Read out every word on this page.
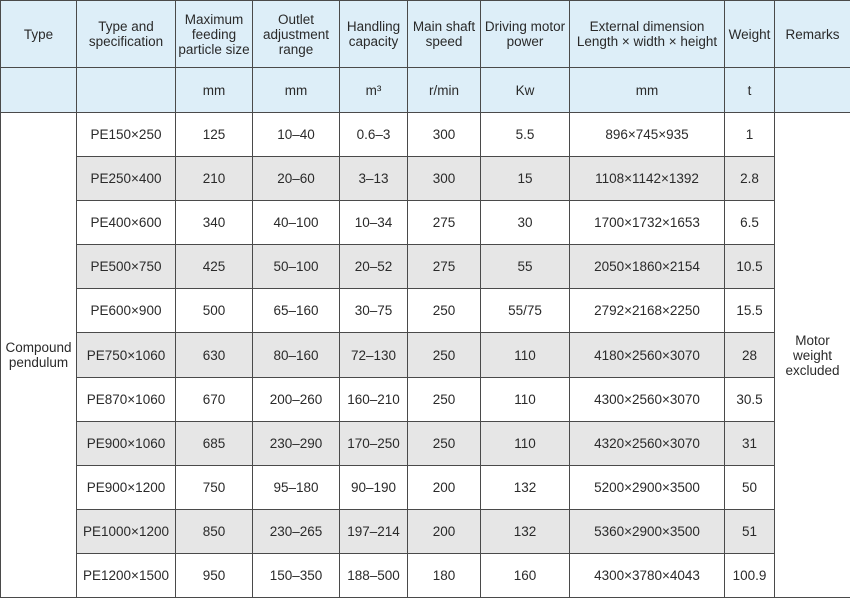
Type	Type and specification	Maximum feeding particle size	Outlet adjustment range	Handling capacity	Main shaft speed	Driving motor power	External dimension Length × width × height	Weight	Remarks
		mm	mm	m³	r/min	Kw	mm	t	
Compound pendulum	PE150×250	125	10–40	0.6–3	300	5.5	896×745×935	1	Motor weight excluded
	PE250×400	210	20–60	3–13	300	15	1108×1142×1392	2.8	
	PE400×600	340	40–100	10–34	275	30	1700×1732×1653	6.5	
	PE500×750	425	50–100	20–52	275	55	2050×1860×2154	10.5	
	PE600×900	500	65–160	30–75	250	55/75	2792×2168×2250	15.5	
	PE750×1060	630	80–160	72–130	250	110	4180×2560×3070	28	
	PE870×1060	670	200–260	160–210	250	110	4300×2560×3070	30.5	
	PE900×1060	685	230–290	170–250	250	110	4320×2560×3070	31	
	PE900×1200	750	95–180	90–190	200	132	5200×2900×3500	50	
	PE1000×1200	850	230–265	197–214	200	132	5360×2900×3500	51	
	PE1200×1500	950	150–350	188–500	180	160	4300×3780×4043	100.9	
